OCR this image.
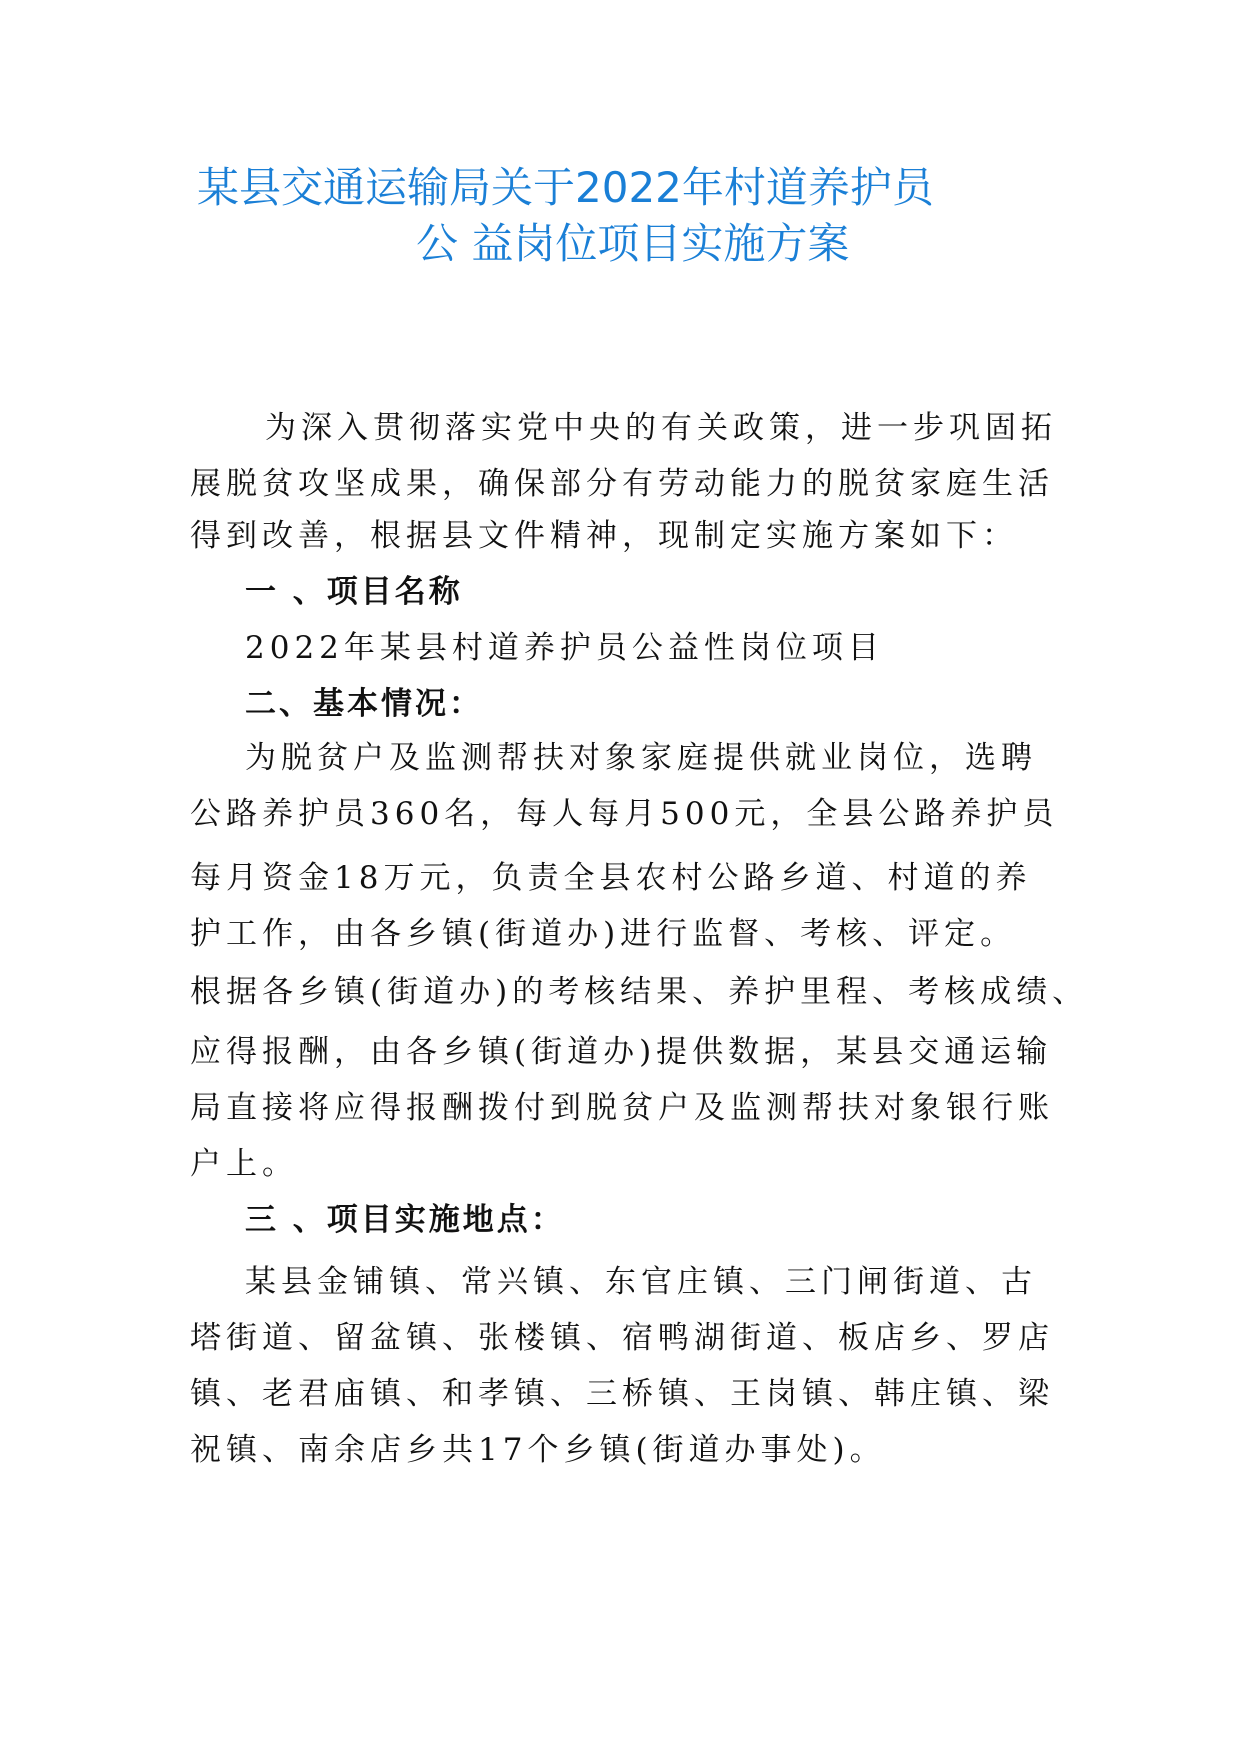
某县交通运输局关于2022年村道养护员
公 益岗位项目实施方案
为深入贯彻落实党中央的有关政策，进一步巩固拓
展脱贫攻坚成果，确保部分有劳动能力的脱贫家庭生活
得到改善，根据县文件精神，现制定实施方案如下：
一 、项目名称
2022年某县村道养护员公益性岗位项目
二、基本情况：
为脱贫户及监测帮扶对象家庭提供就业岗位，选聘
公路养护员360名，每人每月500元，全县公路养护员
每月资金18万元，负责全县农村公路乡道、村道的养
护工作，由各乡镇(街道办)进行监督、考核、评定。
根据各乡镇(街道办)的考核结果、养护里程、考核成绩、
应得报酬，由各乡镇(街道办)提供数据，某县交通运输
局直接将应得报酬拨付到脱贫户及监测帮扶对象银行账
户上。
三 、项目实施地点：
某县金铺镇、常兴镇、东官庄镇、三门闸街道、古
塔街道、留盆镇、张楼镇、宿鸭湖街道、板店乡、罗店
镇、老君庙镇、和孝镇、三桥镇、王岗镇、韩庄镇、梁
祝镇、南余店乡共17个乡镇(街道办事处)。
